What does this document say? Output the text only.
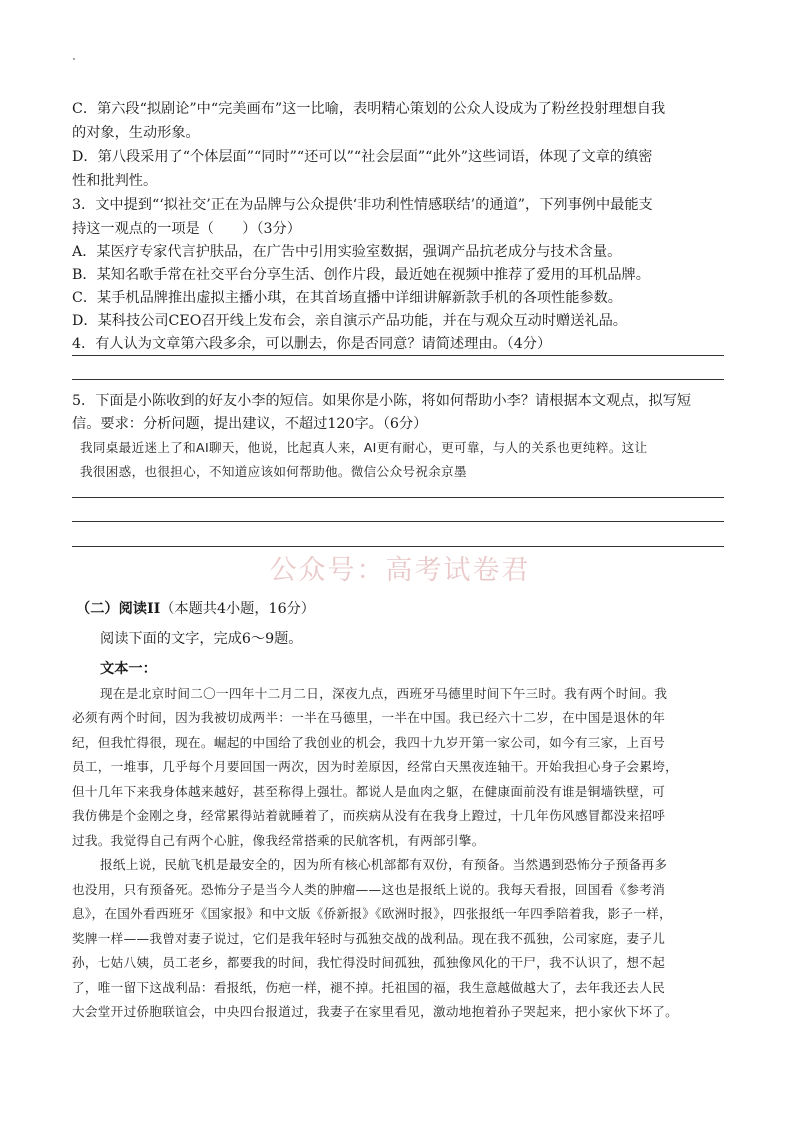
C．第六段“拟剧论”中“完美画布”这一比喻，表明精心策划的公众人设成为了粉丝投射理想自我
的对象，生动形象。
D．第八段采用了“个体层面”“同时”“还可以”“社会层面”“此外”这些词语，体现了文章的缜密
性和批判性。
3．文中提到“‘拟社交’正在为品牌与公众提供‘非功利性情感联结’的通道”，下列事例中最能支
持这一观点的一项是（　　）（3分）
A．某医疗专家代言护肤品，在广告中引用实验室数据，强调产品抗老成分与技术含量。
B．某知名歌手常在社交平台分享生活、创作片段，最近她在视频中推荐了爱用的耳机品牌。
C．某手机品牌推出虚拟主播小琪，在其首场直播中详细讲解新款手机的各项性能参数。
D．某科技公司CEO召开线上发布会，亲自演示产品功能，并在与观众互动时赠送礼品。
4．有人认为文章第六段多余，可以删去，你是否同意？请简述理由。（4分）
5．下面是小陈收到的好友小李的短信。如果你是小陈，将如何帮助小李？请根据本文观点，拟写短
信。要求：分析问题，提出建议，不超过120字。（6分）
我同桌最近迷上了和AI聊天，他说，比起真人来，AI更有耐心，更可靠，与人的关系也更纯粹。这让
我很困惑，也很担心，不知道应该如何帮助他。微信公众号祝余京墨
公众号：高考试卷君
（二）阅读II（本题共4小题，16分）
阅读下面的文字，完成6～9题。
文本一：
现在是北京时间二〇一四年十二月二日，深夜九点，西班牙马德里时间下午三时。我有两个时间。我
必须有两个时间，因为我被切成两半：一半在马德里，一半在中国。我已经六十二岁，在中国是退休的年
纪，但我忙得很，现在。崛起的中国给了我创业的机会，我四十九岁开第一家公司，如今有三家，上百号
员工，一堆事，几乎每个月要回国一两次，因为时差原因，经常白天黑夜连轴干。开始我担心身子会累垮，
但十几年下来我身体越来越好，甚至称得上强壮。都说人是血肉之躯，在健康面前没有谁是铜墙铁壁，可
我仿佛是个金刚之身，经常累得站着就睡着了，而疾病从没有在我身上蹬过，十几年伤风感冒都没来招呼
过我。我觉得自己有两个心脏，像我经常搭乘的民航客机，有两部引擎。
报纸上说，民航飞机是最安全的，因为所有核心机部都有双份，有预备。当然遇到恐怖分子预备再多
也没用，只有预备死。恐怖分子是当今人类的肿瘤——这也是报纸上说的。我每天看报，回国看《参考消
息》，在国外看西班牙《国家报》和中文版《侨新报》《欧洲时报》，四张报纸一年四季陪着我，影子一样，
奖牌一样——我曾对妻子说过，它们是我年轻时与孤独交战的战利品。现在我不孤独，公司家庭，妻子儿
孙，七姑八姨，员工老乡，都要我的时间，我忙得没时间孤独，孤独像风化的干尸，我不认识了，想不起
了，唯一留下这战利品：看报纸，伤疤一样，褪不掉。托祖国的福，我生意越做越大了，去年我还去人民
大会堂开过侨胞联谊会，中央四台报道过，我妻子在家里看见，激动地抱着孙子哭起来，把小家伙下坏了。
